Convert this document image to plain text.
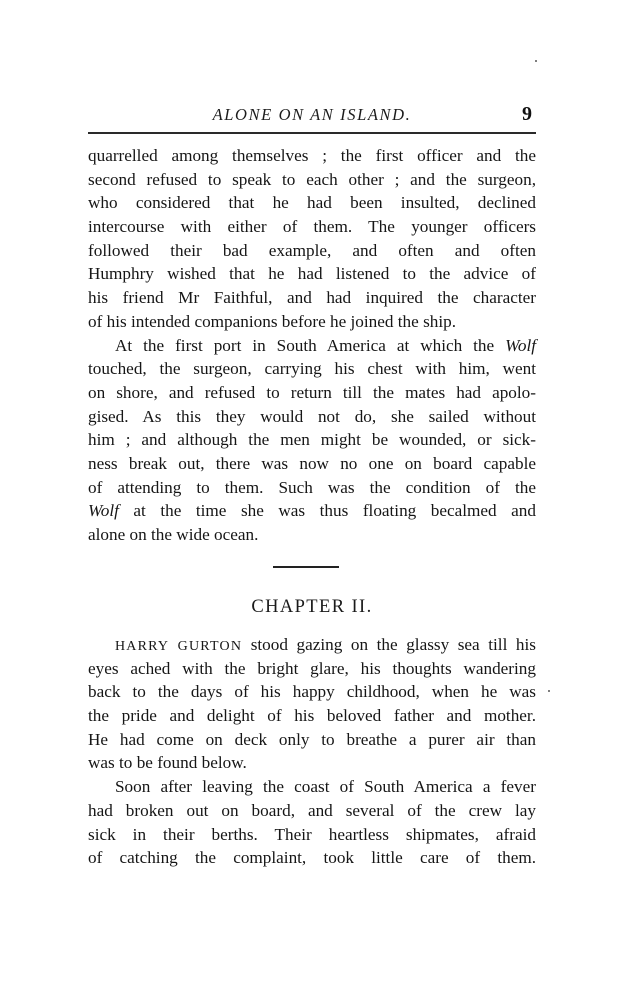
ALONE ON AN ISLAND.	9
quarrelled among themselves ; the first officer and the
second refused to speak to each other ; and the surgeon,
who considered that he had been insulted, declined
intercourse with either of them. The younger officers
followed their bad example, and often and often
Humphry wished that he had listened to the advice of
his friend Mr Faithful, and had inquired the character
of his intended companions before he joined the ship.
At the first port in South America at which the Wolf
touched, the surgeon, carrying his chest with him, went
on shore, and refused to return till the mates had apolo-
gised. As this they would not do, she sailed without
him ; and although the men might be wounded, or sick-
ness break out, there was now no one on board capable
of attending to them. Such was the condition of the
Wolf at the time she was thus floating becalmed and
alone on the wide ocean.
CHAPTER II.
HARRY GURTON stood gazing on the glassy sea till his
eyes ached with the bright glare, his thoughts wandering
back to the days of his happy childhood, when he was
the pride and delight of his beloved father and mother.
He had come on deck only to breathe a purer air than
was to be found below.
Soon after leaving the coast of South America a fever
had broken out on board, and several of the crew lay
sick in their berths. Their heartless shipmates, afraid
of catching the complaint, took little care of them.
